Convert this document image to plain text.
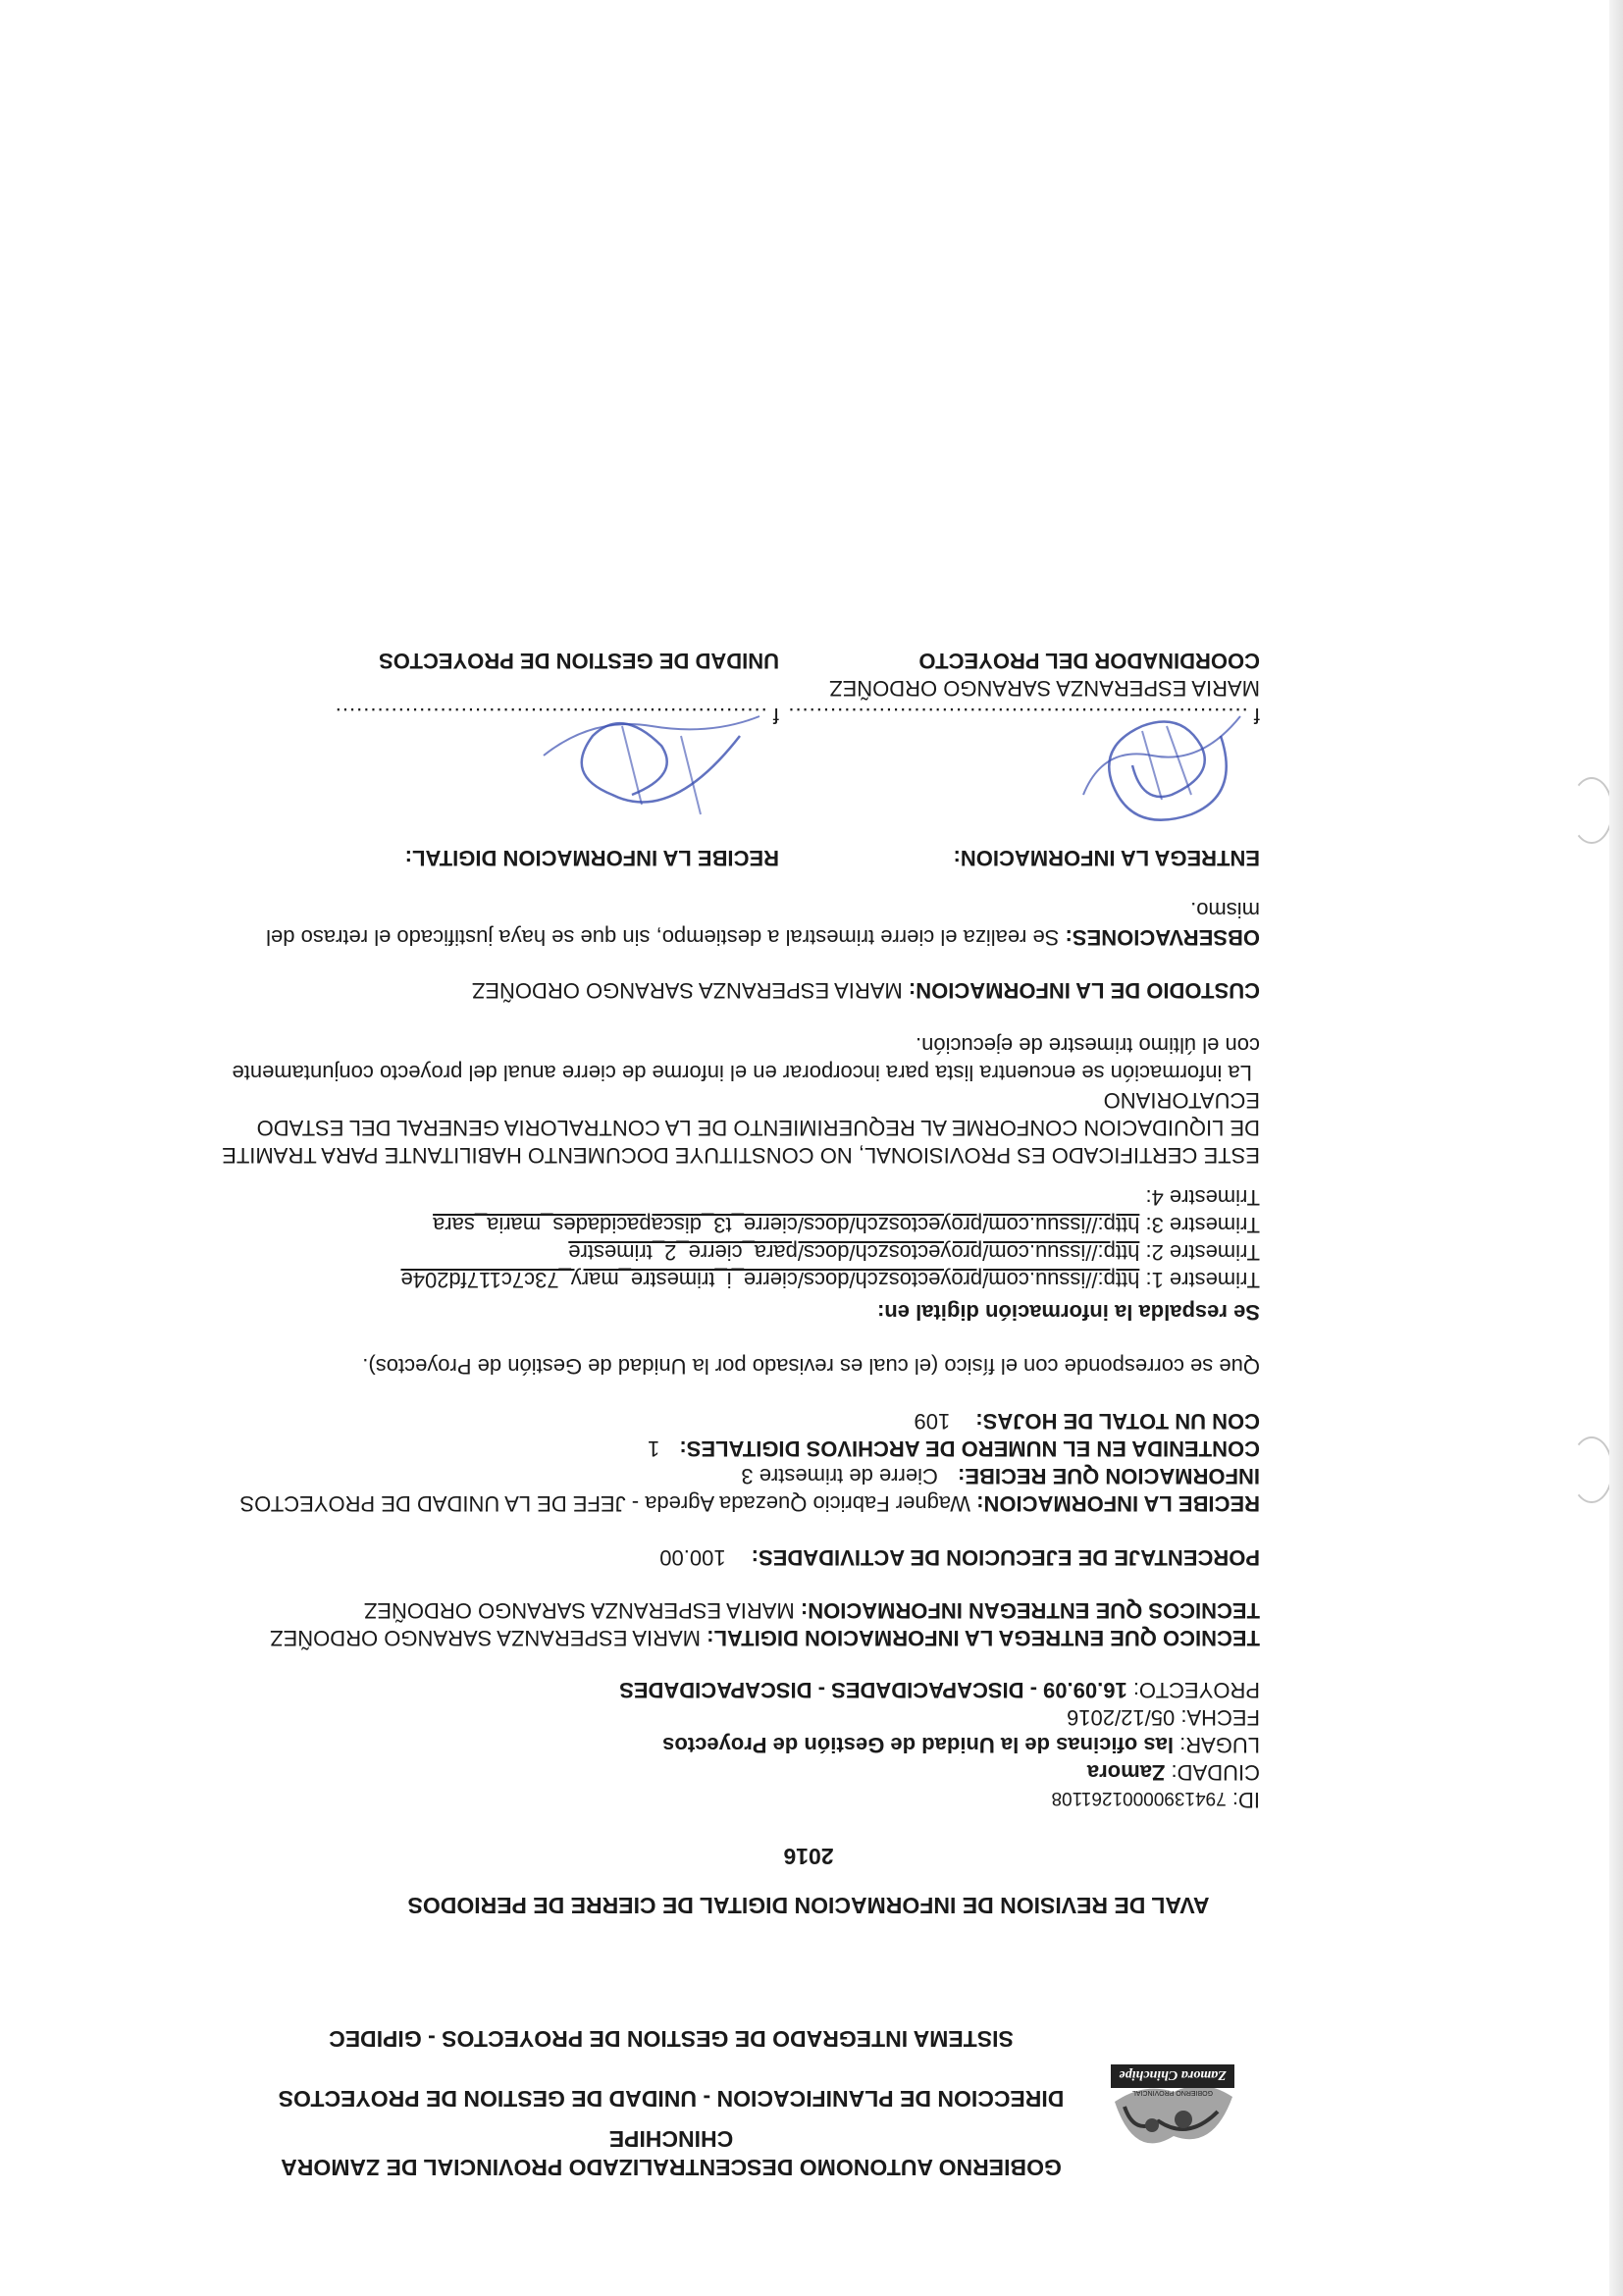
Zamora Chinchipe
GOBIERNO PROVINCIAL
GOBIERNO AUTONOMO DESCENTRALIZADO PROVINCIAL DE ZAMORA
CHINCHIPE
DIRECCION DE PLANIFICACION - UNIDAD DE GESTION DE PROYECTOS
SISTEMA INTEGRADO DE GESTION DE PROYECTOS - GIPIDEC
AVAL DE REVISION DE INFORMACION DIGITAL DE CIERRE DE PERIODOS
2016
ID: 79413900001261108
CIUDAD: Zamora
LUGAR: las oficinas de la Unidad de Gestión de Proyectos
FECHA: 05/12/2016
PROYECTO: 16.09.09 - DISCAPACIDADES - DISCAPACIDADES
TECNICO QUE ENTREGA LA INFORMACION DIGITAL: MARIA ESPERANZA SARANGO ORDOÑEZ
TECNICOS QUE ENTREGAN INFORMACION: MARIA ESPERANZA SARANGO ORDOÑEZ
PORCENTAJE DE EJECUCION DE ACTIVIDADES: 100.00
RECIBE LA INFORMACION: Wagner Fabricio Quezada Agreda - JEFE DE LA UNIDAD DE PROYECTOS
INFORMACION QUE RECIBE: Cierre de trimestre 3
CONTENIDA EN EL NUMERO DE ARCHIVOS DIGITALES: 1
CON UN TOTAL DE HOJAS: 109
Que se corresponde con el físico (el cual es revisado por la Unidad de Gestión de Proyectos).
Se respalda la información digital en:
Trimestre 1: http://issuu.com/proyectoszch/docs/cierre_i_trimestre_mary_73c7c117fd204e
Trimestre 2: http://issuu.com/proyectoszch/docs/para_cierre_2_trimestre
Trimestre 3: http://issuu.com/proyectoszch/docs/cierre_t3_discapacidades_maria_sara
Trimestre 4:
ESTE CERTIFICADO ES PROVISIONAL, NO CONSTITUYE DOCUMENTO HABILITANTE PARA TRAMITE
DE LIQUIDACION CONFORME AL REQUERIMIENTO DE LA CONTRALORIA GENERAL DEL ESTADO
ECUATORIANO
La información se encuentra lista para incorporar en el informe de cierre anual del proyecto conjuntamente
con el último trimestre de ejecución.
CUSTODIO DE LA INFORMACION: MARIA ESPERANZA SARANGO ORDOÑEZ
OBSERVACIONES: Se realiza el cierre trimestral a destiempo, sin que se haya justificado el retraso del
mismo.
ENTREGA LA INFORMACION:
RECIBE LA INFORMACION DIGITAL:
f ..................................................................
f ..............................................................
MARIA ESPERANZA SARANGO ORDOÑEZ
COORDINADOR DEL PROYECTO
UNIDAD DE GESTION DE PROYECTOS
